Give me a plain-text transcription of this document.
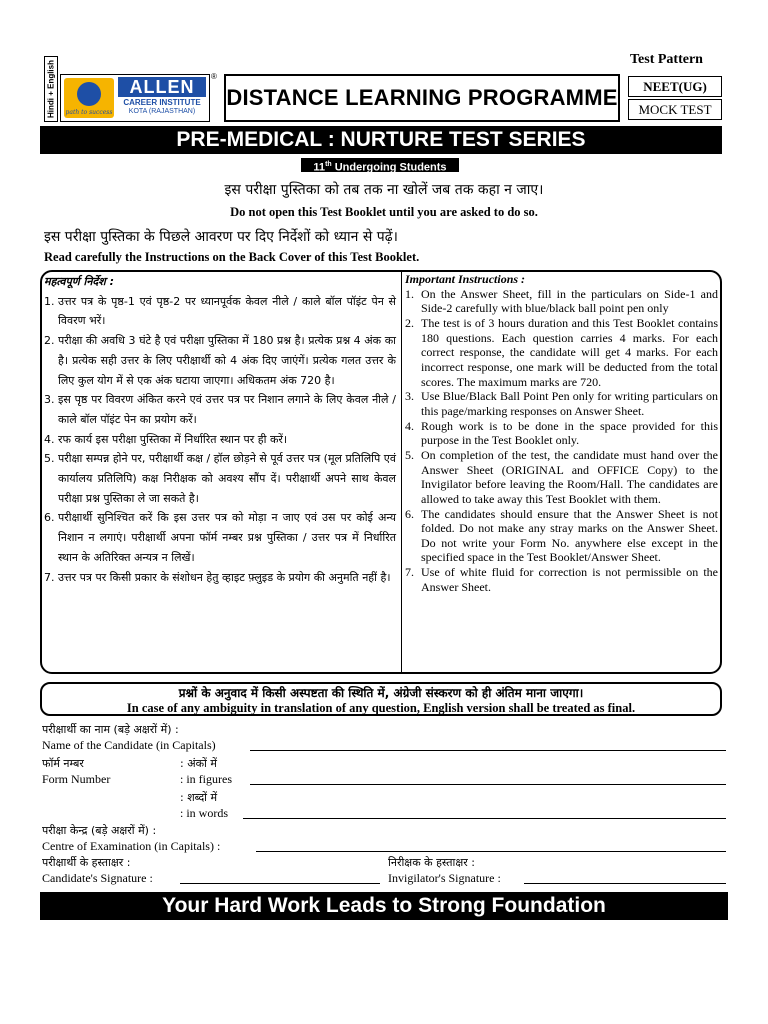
Hindi + English path to success
ALLEN
CAREER INSTITUTE
KOTA (RAJASTHAN)
®
DISTANCE LEARNING PROGRAMME
Test Pattern
NEET(UG)
MOCK TEST
PRE-MEDICAL : NURTURE TEST SERIES
11th Undergoing Students
इस परीक्षा पुस्तिका को तब तक ना खोलें जब तक कहा न जाए।
Do not open this Test Booklet until you are asked to do so.
इस परीक्षा पुस्तिका के पिछले आवरण पर दिए निर्देशों को ध्यान से पढ़ें।
Read carefully the Instructions on the Back Cover of this Test Booklet.
महत्वपूर्ण निर्देश :
1. उत्तर पत्र के पृष्ठ-1 एवं पृष्ठ-2 पर ध्यानपूर्वक केवल नीले / काले बॉल पॉइंट पेन से विवरण भरें।
2. परीक्षा की अवधि 3 घंटे है एवं परीक्षा पुस्तिका में 180 प्रश्न है। प्रत्येक प्रश्न 4 अंक का है। प्रत्येक सही उत्तर के लिए परीक्षार्थी को 4 अंक दिए जाएंगें। प्रत्येक गलत उत्तर के लिए कुल योग में से एक अंक घटाया जाएगा। अधिकतम अंक 720 है।
3. इस पृष्ठ पर विवरण अंकित करने एवं उत्तर पत्र पर निशान लगाने के लिए केवल नीले / काले बॉल पॉइंट पेन का प्रयोग करें।
4. रफ कार्य इस परीक्षा पुस्तिका में निर्धारित स्थान पर ही करें।
5. परीक्षा सम्पन्न होने पर, परीक्षार्थी कक्ष / हॉल छोड़ने से पूर्व उत्तर पत्र (मूल प्रतिलिपि एवं कार्यालय प्रतिलिपि) कक्ष निरीक्षक को अवश्य सौंप दें। परीक्षार्थी अपने साथ केवल परीक्षा प्रश्न पुस्तिका ले जा सकते है।
6. परीक्षार्थी सुनिश्चित करें कि इस उत्तर पत्र को मोड़ा न जाए एवं उस पर कोई अन्य निशान न लगाएं। परीक्षार्थी अपना फॉर्म नम्बर प्रश्न पुस्तिका / उत्तर पत्र में निर्धारित स्थान के अतिरिक्त अन्यत्र न लिखें।
7. उत्तर पत्र पर किसी प्रकार के संशोधन हेतु व्हाइट फ़्लुइड के प्रयोग की अनुमति नहीं है।
Important Instructions :
1. On the Answer Sheet, fill in the particulars on Side-1 and Side-2 carefully with blue/black ball point pen only
2. The test is of 3 hours duration and this Test Booklet contains 180 questions. Each question carries 4 marks. For each correct response, the candidate will get 4 marks. For each incorrect response, one mark will be deducted from the total scores. The maximum marks are 720.
3. Use Blue/Black Ball Point Pen only for writing particulars on this page/marking responses on Answer Sheet.
4. Rough work is to be done in the space provided for this purpose in the Test Booklet only.
5. On completion of the test, the candidate must hand over the Answer Sheet (ORIGINAL and OFFICE Copy) to the Invigilator before leaving the Room/Hall. The candidates are allowed to take away this Test Booklet with them.
6. The candidates should ensure that the Answer Sheet is not folded. Do not make any stray marks on the Answer Sheet. Do not write your Form No. anywhere else except in the specified space in the Test Booklet/Answer Sheet.
7. Use of white fluid for correction is not permissible on the Answer Sheet.
प्रश्नों के अनुवाद में किसी अस्पष्टता की स्थिति में, अंग्रेजी संस्करण को ही अंतिम माना जाएगा।
In case of any ambiguity in translation of any question, English version shall be treated as final.
परीक्षार्थी का नाम (बड़े अक्षरों में) :
Name of the Candidate (in Capitals)
फॉर्म नम्बर
Form Number
: अंकों में
: in figures
: शब्दों में
: in words
परीक्षा केन्द्र (बड़े अक्षरों में) :
Centre of Examination (in Capitals) :
परीक्षार्थी के हस्ताक्षर :
Candidate's Signature :
निरीक्षक के हस्ताक्षर :
Invigilator's Signature :
Your Hard Work Leads to Strong Foundation
